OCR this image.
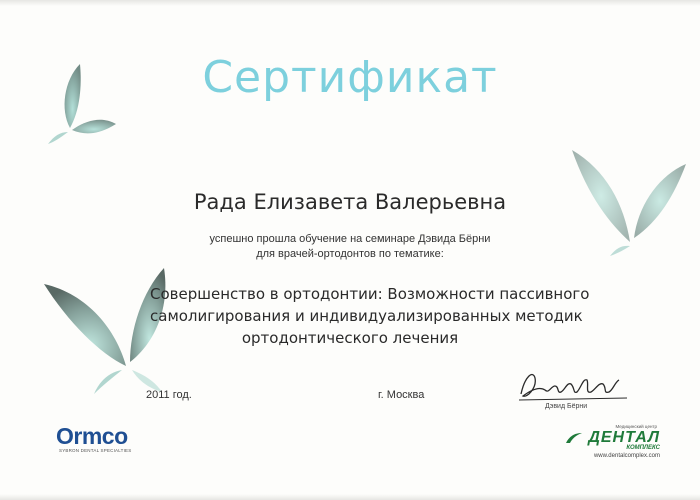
Сертификат
Рада Елизавета Валерьевна
успешно прошла обучение на семинаре Дэвида Бёрни
для врачей-ортодонтов по тематике:
Совершенство в ортодонтии: Возможности пассивного
самолигирования и индивидуализированных методик
ортодонтического лечения
2011 год.	г. Москва
Дэвид Бёрни
Ormco
SYBRON DENTAL SPECIALTIES
Медицинский центр
ДЕНТАЛ
КОМПЛЕКС
www.dentalcomplex.com
